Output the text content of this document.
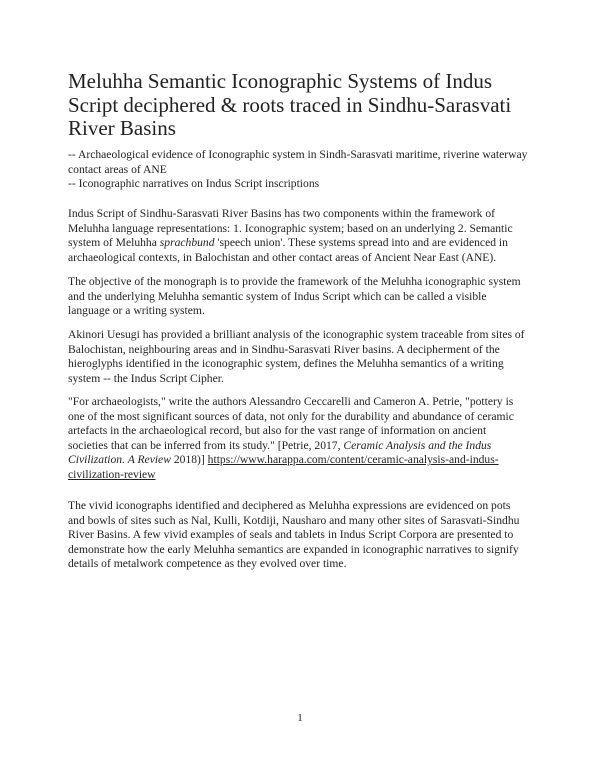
Meluhha Semantic Iconographic Systems of Indus Script deciphered & roots traced in Sindhu-Sarasvati River Basins
-- Archaeological evidence of Iconographic system in Sindh-Sarasvati maritime, riverine waterway contact areas of ANE
-- Iconographic narratives on Indus Script inscriptions

Indus Script of Sindhu-Sarasvati River Basins has two components within the framework of Meluhha language representations: 1. Iconographic system; based on an underlying 2. Semantic system of Meluhha sprachbund 'speech union'. These systems spread into and are evidenced in archaeological contexts, in Balochistan and other contact areas of Ancient Near East (ANE).

The objective of the monograph is to provide the framework of the Meluhha iconographic system and the underlying Meluhha semantic system of Indus Script which can be called a visible language or a writing system.

Akinori Uesugi has provided a brilliant analysis of the iconographic system traceable from sites of Balochistan, neighbouring areas and in Sindhu-Sarasvati River basins. A decipherment of the hieroglyphs identified in the iconographic system, defines the Meluhha semantics of a writing system -- the Indus Script Cipher.

"For archaeologists," write the authors Alessandro Ceccarelli and Cameron A. Petrie, "pottery is one of the most significant sources of data, not only for the durability and abundance of ceramic artefacts in the archaeological record, but also for the vast range of information on ancient societies that can be inferred from its study." [Petrie, 2017, Ceramic Analysis and the Indus Civilization. A Review 2018)] https://www.harappa.com/content/ceramic-analysis-and-indus-civilization-review

The vivid iconographs identified and deciphered as Meluhha expressions are evidenced on pots and bowls of sites such as Nal, Kulli, Kotdiji, Nausharo and many other sites of Sarasvati-Sindhu River Basins. A few vivid examples of seals and tablets in Indus Script Corpora are presented to demonstrate how the early Meluhha semantics are expanded in iconographic narratives to signify details of metalwork competence as they evolved over time.

1
